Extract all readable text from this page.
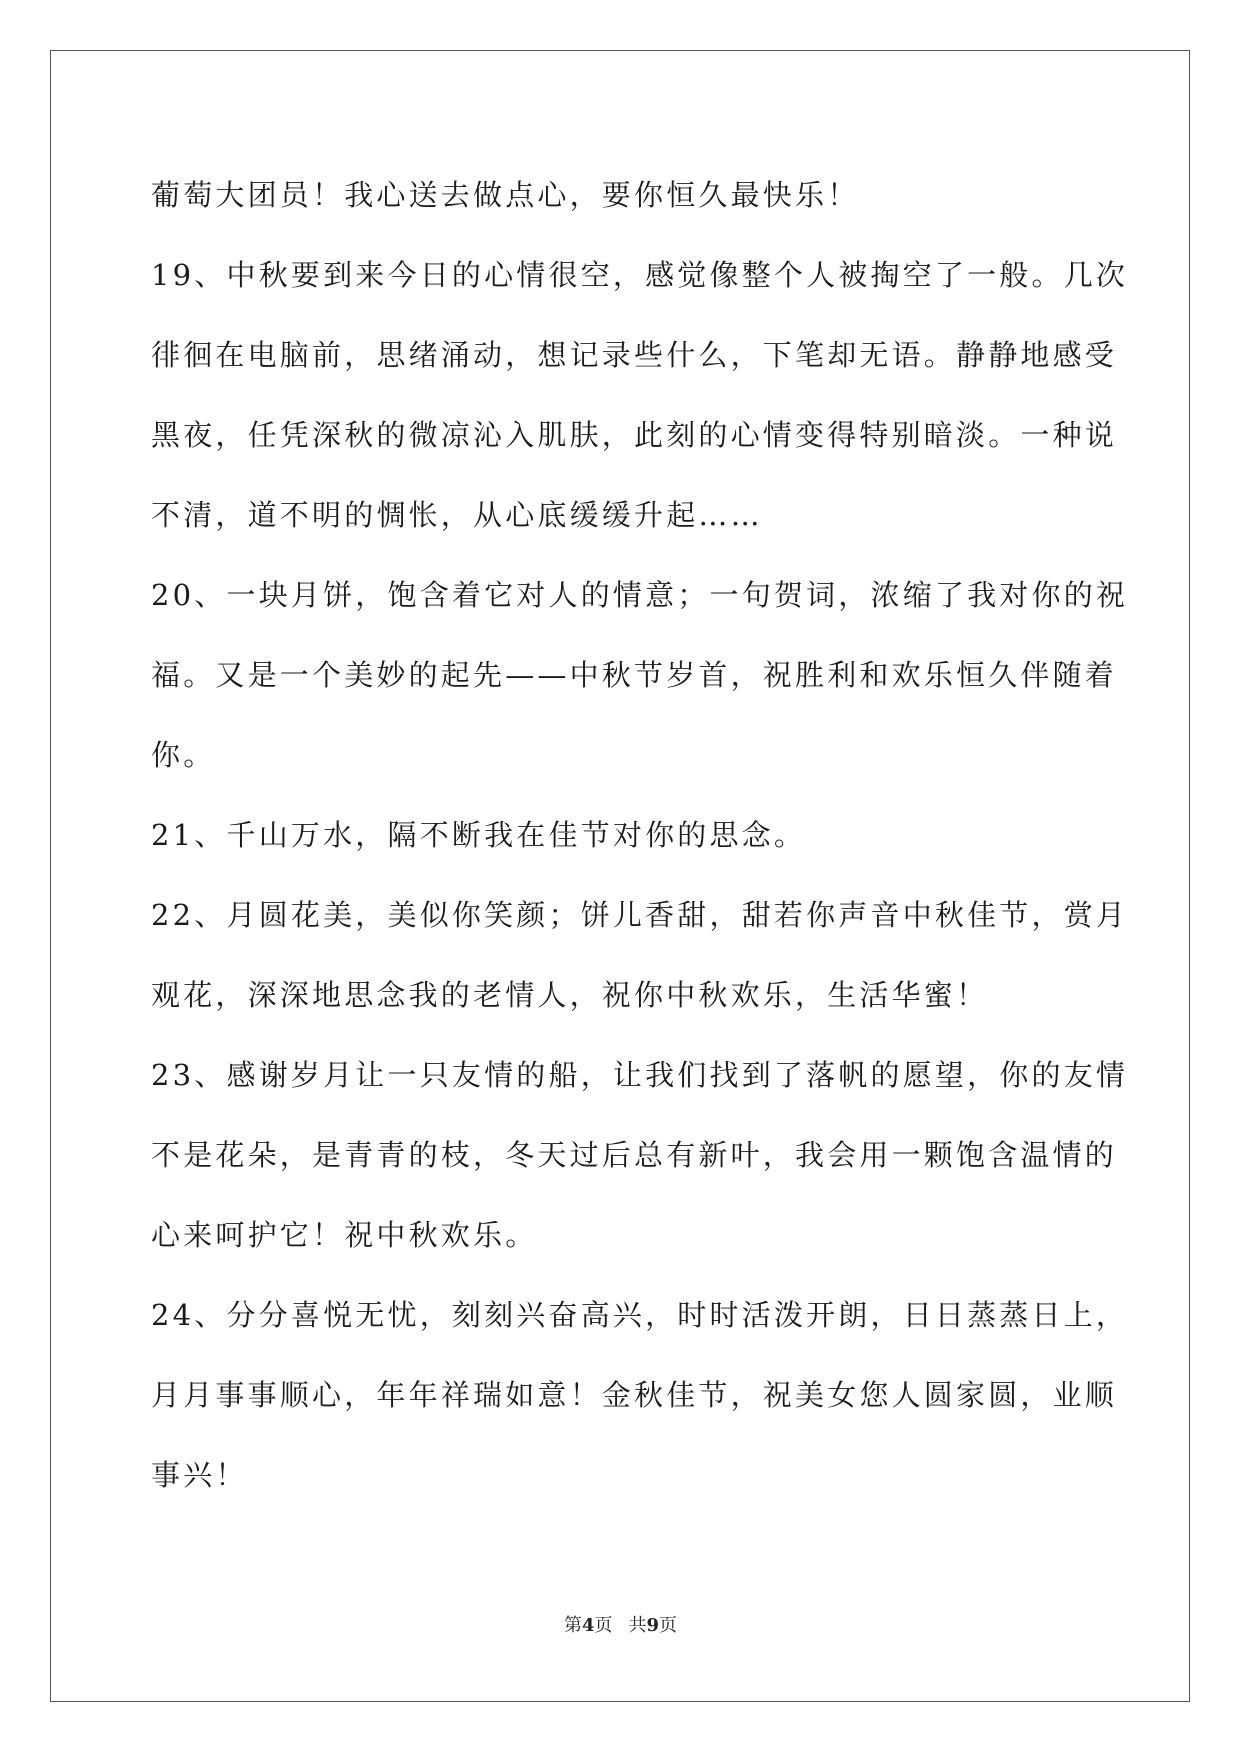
葡萄大团员！我心送去做点心，要你恒久最快乐！

19、中秋要到来今日的心情很空，感觉像整个人被掏空了一般。几次

徘徊在电脑前，思绪涌动，想记录些什么，下笔却无语。静静地感受

黑夜，任凭深秋的微凉沁入肌肤，此刻的心情变得特别暗淡。一种说

不清，道不明的惆怅，从心底缓缓升起……

20、一块月饼，饱含着它对人的情意；一句贺词，浓缩了我对你的祝

福。又是一个美妙的起先——中秋节岁首，祝胜利和欢乐恒久伴随着

你。

21、千山万水，隔不断我在佳节对你的思念。

22、月圆花美，美似你笑颜；饼儿香甜，甜若你声音中秋佳节，赏月

观花，深深地思念我的老情人，祝你中秋欢乐，生活华蜜！

23、感谢岁月让一只友情的船，让我们找到了落帆的愿望，你的友情

不是花朵，是青青的枝，冬天过后总有新叶，我会用一颗饱含温情的

心来呵护它！祝中秋欢乐。

24、分分喜悦无忧，刻刻兴奋高兴，时时活泼开朗，日日蒸蒸日上，

月月事事顺心，年年祥瑞如意！金秋佳节，祝美女您人圆家圆，业顺

事兴！

第4页 共9页
